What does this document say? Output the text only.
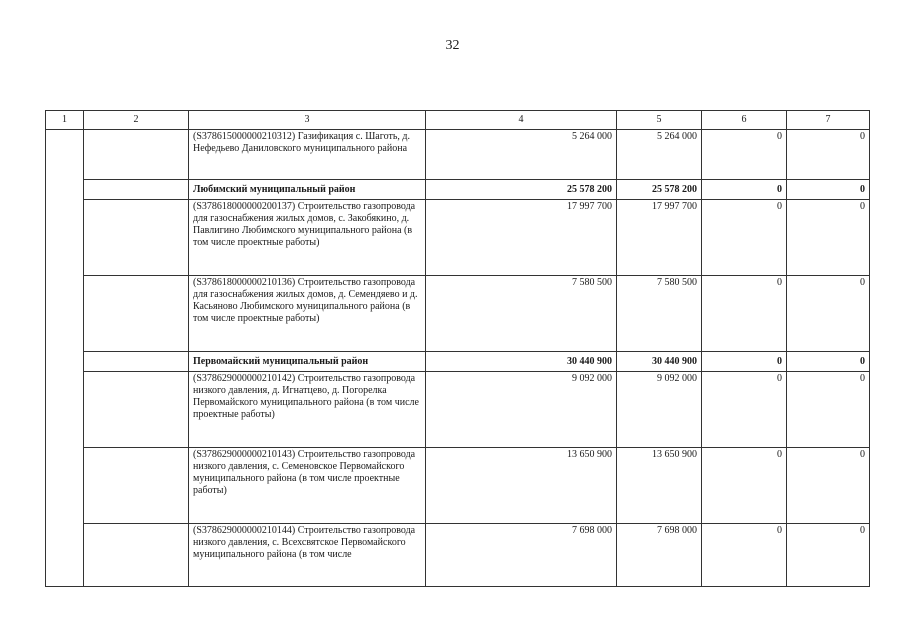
32
1	2	3	4	5	6	7
		(S378615000000210312) Газификация с. Шаготь, д. Нефедьево Даниловского муниципального района	5 264 000	5 264 000	0	0
		Любимский муниципальный район	25 578 200	25 578 200	0	0
		(S378618000000200137) Строительство газопровода для газоснабжения жилых домов, с. Закобякино, д. Павлигино Любимского муниципального района (в том числе проектные работы)	17 997 700	17 997 700	0	0
		(S378618000000210136) Строительство газопровода для газоснабжения жилых домов, д. Семендяево и д. Касьяново Любимского муниципального района (в том числе проектные работы)	7 580 500	7 580 500	0	0
		Первомайский муниципальный район	30 440 900	30 440 900	0	0
		(S378629000000210142) Строительство газопровода низкого давления, д. Игнатцево, д. Погорелка Первомайского муниципального района (в том числе проектные работы)	9 092 000	9 092 000	0	0
		(S378629000000210143) Строительство газопровода низкого давления, с. Семеновское Первомайского муниципального района (в том числе проектные работы)	13 650 900	13 650 900	0	0
		(S378629000000210144) Строительство газопровода низкого давления, с. Всехсвятское Первомайского муниципального района (в том числе	7 698 000	7 698 000	0	0
